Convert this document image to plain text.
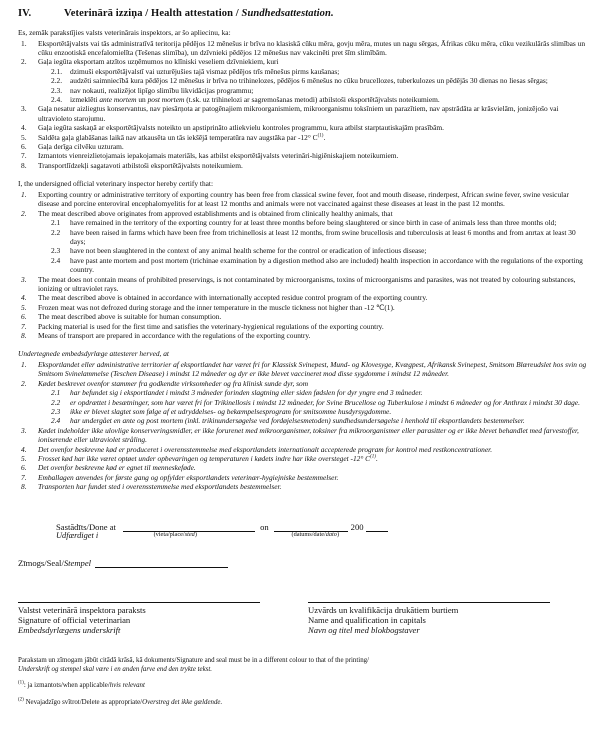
IV.	Veterinārā izziņa / Health attestation / Sundhedsattestation.
Es, zemāk parakstījies valsts veterinārais inspektors, ar šo apliecinu, ka:
1.	Eksportētājvalsts vai tās administratīvā teritorija pēdējos 12 mēnešus ir brīva no klasiskā cūku mēra, govju mēra, mutes un nagu sērgas, Āfrikas cūku mēra, cūku vezikulārās slimības un cūku enzootiskā encefalomielīta (Tešenas slimība), un dzīvnieki pēdējos 12 mēnešus nav vakcinēti pret šīm slimībām.
2.	Gaļa iegūta eksportam atzītos uzņēmumos no klīniski veseliem dzīvniekiem, kuri
2.1.	dzimuši eksportētājvalstī vai uzturējušies tajā vismaz pēdējos trīs mēnešus pirms kaušanas;
2.2.	audzēti saimniecībā kura pēdējos 12 mēnešus ir brīva no trihinelozes, pēdējos 6 mēnešus no cūku brucellozes, tuberkulozes un pēdējās 30 dienas no liesas sērgas;
2.3.	nav nokauti, realizējot lipīgo slimību likvidācijas programmu;
2.4.	izmeklēti ante mortem un post mortem (t.sk. uz trihinelozi ar sagremošanas metodi) atbilstoši eksportētājvalsts noteikumiem.
3.	Gaļa nesatur aizliegtus konservantus, nav piesārņota ar patogēnajiem mikroorganismiem, mikroorganismu toksīniem un parazītiem, nav apstrādāta ar krāsvielām, jonizējošo vai ultravioleto starojumu.
4.	Gaļa iegūta saskaņā ar eksportētājvalsts noteikto un apstiprināto atliekvielu kontroles programmu, kura atbilst starptautiskajām prasībām.
5.	Saldēta gaļa glabāšanas laikā nav atkausēta un tās iekšējā temperatūra nav augstāka par -12° $C^{(1)}$.
6.	Gaļa derīga cilvēku uzturam.
7.	Izmantots vienreizlietojamais iepakojamais materiāls, kas atbilst eksportētājvalsts veterināri-higiēniskajiem noteikumiem.
8.	Transportlīdzekļi sagatavoti atbilstoši eksportētājvalsts noteikumiem.
I, the undersigned official veterinary inspector hereby certify that:
1.	Exporting country or administrative territory of exporting country has been free from classical swine fever, foot and mouth disease, rinderpest, African swine fever, swine vesicular disease and porcine enteroviral encephalomyelitis for at least 12 months and animals were not vaccinated against these diseases at least in the past 12 months.
2.	The meat described above originates from approved establishments and is obtained from clinically healthy animals, that
2.1	have remained in the territory of the exporting country for at least three months before being slaughtered or since birth in case of animals less than three months old;
2.2	have been raised in farms which have been free from trichinellosis at least 12 months, from swine brucellosis and tuberculosis at least 6 months and from anrtax at least 30 days;
2.3	have not been slaughtered in the context of any animal health scheme for the control or eradication of infectious disease;
2.4	have past ante mortem and post mortem (trichinae examination by a digestion method also are included) health inspection in accordance with the regulations of the exporting country.
3.	The meat does not contain means of prohibited preservings, is not contaminated by microorganisms, toxins of microorganisms and parasites, was not treated by colouring substances, ionizing or ultraviolet rays.
4.	The meat described above is obtained in accordance with internationally accepted residue control program of the exporting country.
5.	Frozen meat was not defrozed during storage and the inner temperature in the muscle tickness not higher than -12 ℃(1).
6.	The meat described above is suitable for human consumption.
7.	Packing material is used for the first time and satisfies the veterinary-hygienical regulations of the exporting country.
8.	Means of transport are prepared in accordance with the regulations of the exporting country.
Undertegnede embedsdyrlæge attesterer herved, at
1.	Eksportlandet eller administrative territorier af eksportlandet har været fri for Klassisk Svinepest, Mund- og Klovesyge, Kvægpest, Afrikansk Svinepest, Smitsom Blæreudslet hos svin og Smitsom Svinelammelse (Teschen Disease) i mindst 12 måneder og dyr er ikke blevet vaccineret mod disse sygdomme i mindst 12 måneder.
2.	Kødet beskrevet ovenfor stammer fra godkendte virksomheder og fra klinisk sunde dyr, som
2.1	har befundet sig i eksportlandet i mindst 3 måneder forinden slagtning eller siden fødslen for dyr yngre end 3 måneder.
2.2	er opdrættet i besætninger, som har været fri for Trikinellosis i mindst 12 måneder, for Svine Brucellose og Tuberkulose i mindst 6 måneder og for Anthrax i mindst 30 dage.
2.3	ikke er blevet slagtet som følge af et udryddelses- og bekæmpelsesprogram for smitsomme husdyrsygdomme.
2.4	har undergået en ante og post mortem (inkl. trikinundersøgelse ved fordøjelsesmetoden) sundhedsundersøgelse i henhold til eksportlandets bestemmelser.
3.	Kødet indeholder ikke ulovlige konserveringsmidler, er ikke forurenet med mikroorganismer, toksiner fra mikroorganismer eller parasitter og er ikke blevet behandlet med farvestoffer, ioniserende eller ultraviolet stråling.
4.	Det ovenfor beskrevne kød er produceret i overensstemmelse med eksportlandets internationalt accepterede program for kontrol med restkoncentrationer.
5.	Frosset kød har ikke været optøet under opbevaringen og temperaturen i kødets indre har ikke oversteget -12° $C^{(1)}$.
6.	Det ovenfor beskrevne kød er egnet til menneskeføde.
7.	Emballagen anvendes for første gang og opfylder eksportlandets veterinær-hygiejniske bestemmelser.
8.	Transporten har fundet sted i overensstemmelse med eksportlandets bestemmelser.
Sastādīts/Done at	on	200
Udfærdiget i	(vieta/place/sted)	(datums/date/dato)
Zīmogs/Seal/Stempel
Valstst veterinārā inspektora paraksts
Signature of official veterinarian
Embedsdyrlægens underskrift
Uzvārds un kvalifikācija drukātiem burtiem
Name and qualification in capitals
Navn og titel med blokbogstaver
Parakstam un zīmogam jābūt citādā krāsā, kā dokuments/Signature and seal must be in a different colour to that of the printing/
Underskrift og stempel skal være i en anden farve end den trykte tekst.
$^{(1)}$: ja izmantots/when applicable/hvis relevant
$^{(2)}$ Nevajadzīgo svītrot/Delete as appropriate/Overstreg det ikke gældende.
